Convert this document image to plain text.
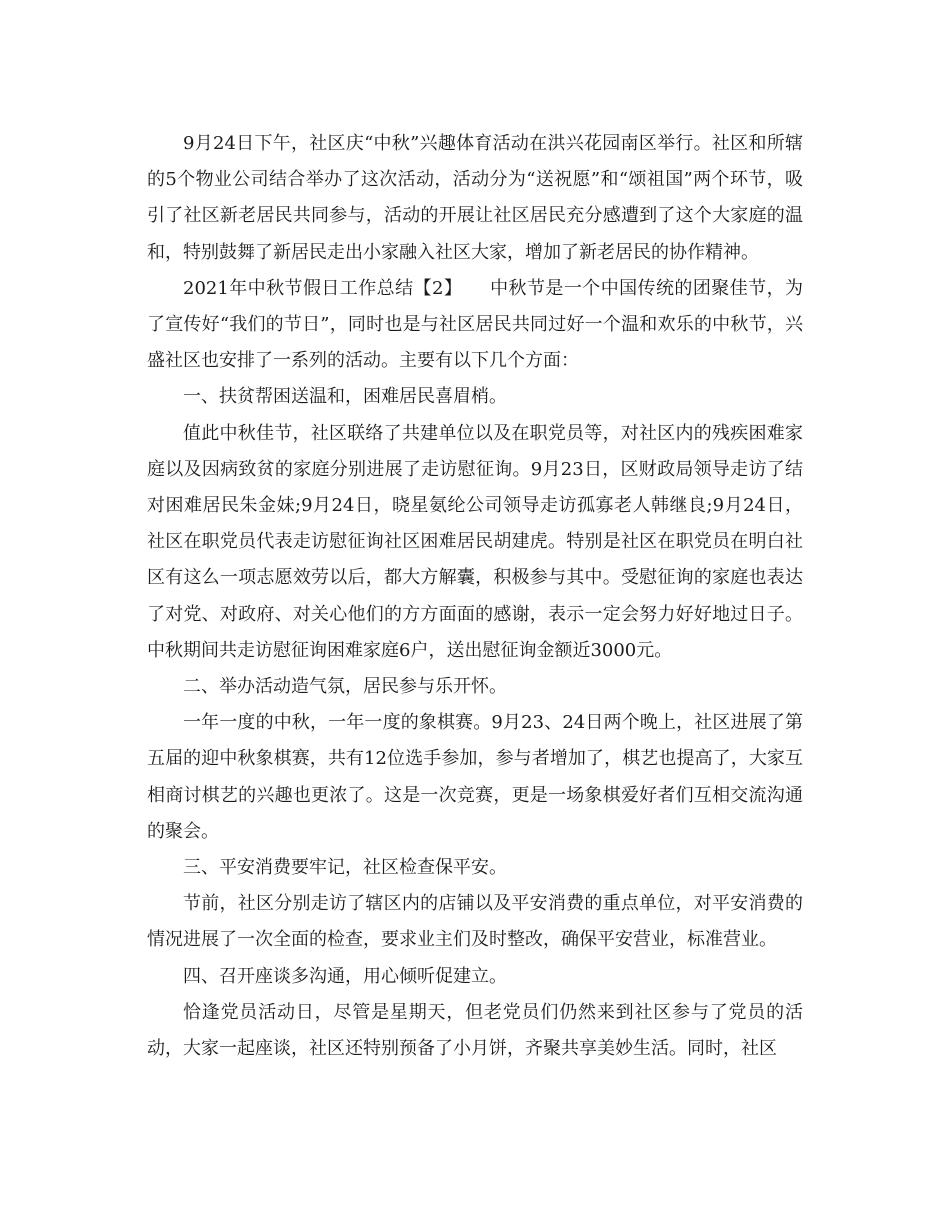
9月24日下午，社区庆“中秋”兴趣体育活动在洪兴花园南区举行。社区和所辖的5个物业公司结合举办了这次活动，活动分为“送祝愿”和“颂祖国”两个环节，吸引了社区新老居民共同参与，活动的开展让社区居民充分感遭到了这个大家庭的温和，特别鼓舞了新居民走出小家融入社区大家，增加了新老居民的协作精神。

2021年中秋节假日工作总结【2】　　中秋节是一个中国传统的团聚佳节，为了宣传好“我们的节日”，同时也是与社区居民共同过好一个温和欢乐的中秋节，兴盛社区也安排了一系列的活动。主要有以下几个方面：

一、扶贫帮困送温和，困难居民喜眉梢。

值此中秋佳节，社区联络了共建单位以及在职党员等，对社区内的残疾困难家庭以及因病致贫的家庭分别进展了走访慰征询。9月23日，区财政局领导走访了结对困难居民朱金妹;9月24日，晓星氨纶公司领导走访孤寡老人韩继良;9月24日，社区在职党员代表走访慰征询社区困难居民胡建虎。特别是社区在职党员在明白社区有这么一项志愿效劳以后，都大方解囊，积极参与其中。受慰征询的家庭也表达了对党、对政府、对关心他们的方方面面的感谢，表示一定会努力好好地过日子。中秋期间共走访慰征询困难家庭6户，送出慰征询金额近3000元。

二、举办活动造气氛，居民参与乐开怀。

一年一度的中秋，一年一度的象棋赛。9月23、24日两个晚上，社区进展了第五届的迎中秋象棋赛，共有12位选手参加，参与者增加了，棋艺也提高了，大家互相商讨棋艺的兴趣也更浓了。这是一次竞赛，更是一场象棋爱好者们互相交流沟通的聚会。

三、平安消费要牢记，社区检查保平安。

节前，社区分别走访了辖区内的店铺以及平安消费的重点单位，对平安消费的情况进展了一次全面的检查，要求业主们及时整改，确保平安营业，标准营业。

四、召开座谈多沟通，用心倾听促建立。

恰逢党员活动日，尽管是星期天，但老党员们仍然来到社区参与了党员的活动，大家一起座谈，社区还特别预备了小月饼，齐聚共享美妙生活。同时，社区
